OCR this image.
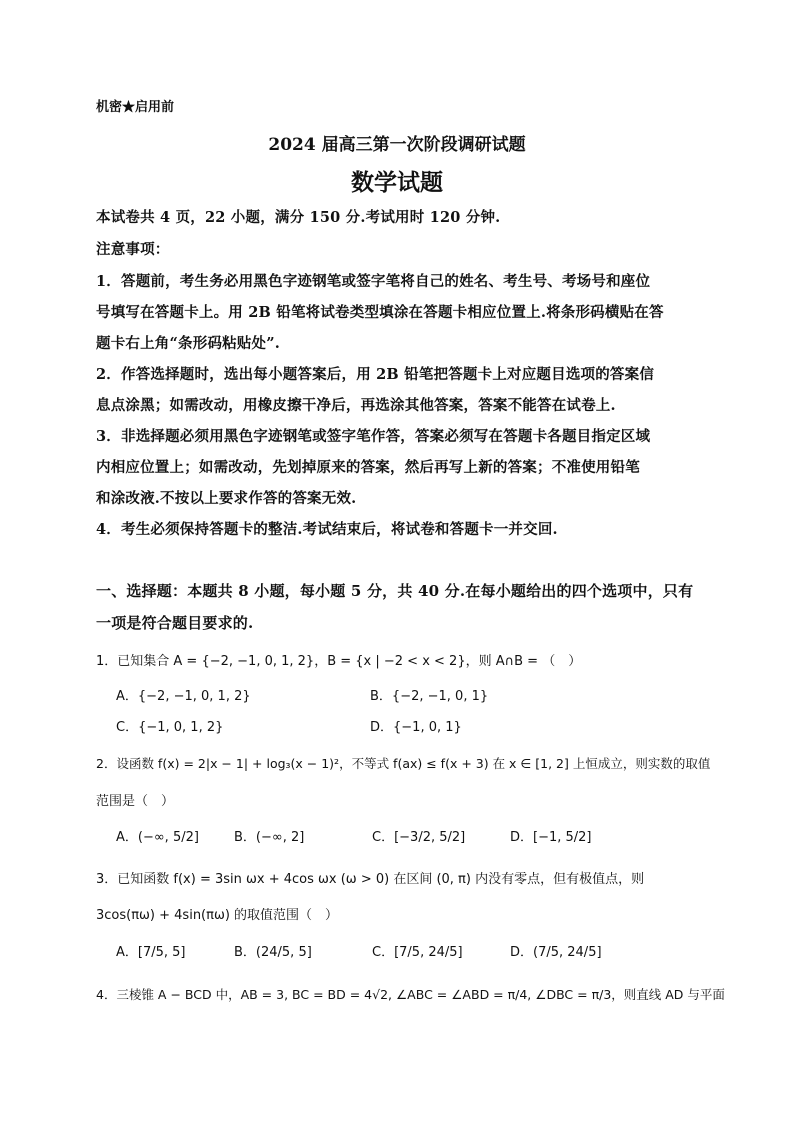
机密★启用前
2024 届高三第一次阶段调研试题
数学试题
本试卷共 4 页，22 小题，满分 150 分.考试用时 120 分钟.
注意事项：
1．答题前，考生务必用黑色字迹钢笔或签字笔将自己的姓名、考生号、考场号和座位
号填写在答题卡上。用 2B 铅笔将试卷类型填涂在答题卡相应位置上.将条形码横贴在答
题卡右上角“条形码粘贴处”.
2．作答选择题时，选出每小题答案后，用 2B 铅笔把答题卡上对应题目选项的答案信
息点涂黑；如需改动，用橡皮擦干净后，再选涂其他答案，答案不能答在试卷上.
3．非选择题必须用黑色字迹钢笔或签字笔作答，答案必须写在答题卡各题目指定区域
内相应位置上；如需改动，先划掉原来的答案，然后再写上新的答案；不准使用铅笔
和涂改液.不按以上要求作答的答案无效.
4．考生必须保持答题卡的整洁.考试结束后，将试卷和答题卡一并交回.
一、选择题：本题共 8 小题，每小题 5 分，共 40 分.在每小题给出的四个选项中，只有
一项是符合题目要求的.
1．已知集合 A = {−2, −1, 0, 1, 2}，B = {x | −2 < x < 2}，则 A∩B = （　）
A．{−2, −1, 0, 1, 2}	B．{−2, −1, 0, 1}
C．{−1, 0, 1, 2}	D．{−1, 0, 1}
2．设函数 f(x) = 2|x − 1| + log₃(x − 1)²，不等式 f(ax) ≤ f(x + 3) 在 x ∈ [1, 2] 上恒成立，则实数的取值
范围是（　）
A．(−∞, 5/2]	B．(−∞, 2]	C．[−3/2, 5/2]	D．[−1, 5/2]
3．已知函数 f(x) = 3sin ωx + 4cos ωx (ω > 0) 在区间 (0, π) 内没有零点，但有极值点，则
3cos(πω) + 4sin(πω) 的取值范围（　）
A．[7/5, 5]	B．(24/5, 5]	C．[7/5, 24/5]	D．(7/5, 24/5]
4．三棱锥 A − BCD 中，AB = 3, BC = BD = 4√2, ∠ABC = ∠ABD = π/4, ∠DBC = π/3，则直线 AD 与平面
